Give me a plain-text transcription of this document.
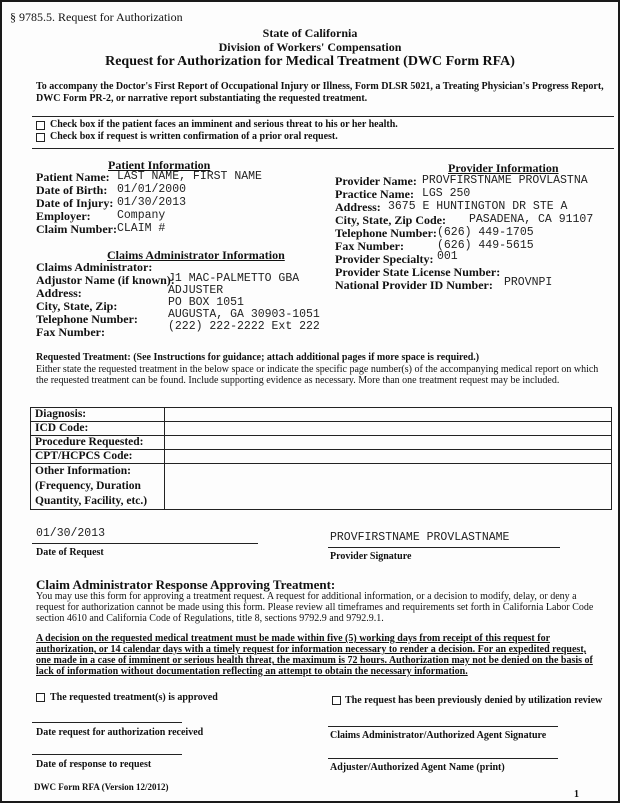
§ 9785.5. Request for Authorization
State of California
Division of Workers' Compensation
Request for Authorization for Medical Treatment (DWC Form RFA)
To accompany the Doctor's First Report of Occupational Injury or Illness, Form DLSR 5021, a Treating Physician's Progress Report, DWC Form PR-2, or narrative report substantiating the requested treatment.
Check box if the patient faces an imminent and serious threat to his or her health.
Check box if request is written confirmation of a prior oral request.
Patient Information
Patient Name: LAST NAME, FIRST NAME
Date of Birth: 01/01/2000
Date of Injury: 01/30/2013
Employer: Company
Claim Number: CLAIM #
Provider Information
Provider Name: PROVFIRSTNAME PROVLASTNA
Practice Name: LGS 250
Address: 3675 E HUNTINGTON DR STE A
City, State, Zip Code: PASADENA, CA 91107
Telephone Number: (626) 449-1705
Fax Number:	(626) 449-5615
Provider Specialty: 001
Provider State License Number:
National Provider ID Number: PROVNPI
Claims Administrator Information
Claims Administrator:
Adjustor Name (if known):
J1 MAC-PALMETTO GBA
ADJUSTER
Address:
PO BOX 1051
City, State, Zip:
AUGUSTA, GA 30903-1051
Telephone Number:
(222) 222-2222 Ext 222
Fax Number:
Requested Treatment: (See Instructions for guidance; attach additional pages if more space is required.)
Either state the requested treatment in the below space or indicate the specific page number(s) of the accompanying medical report on which the requested treatment can be found. Include supporting evidence as necessary. More than one treatment request may be included.
Diagnosis:	
ICD Code:	
Procedure Requested:	
CPT/HCPCS Code:	

Other Information:
(Frequency, Duration
Quantity, Facility, etc.)	

01/30/2013
Date of Request
PROVFIRSTNAME PROVLASTNAME
Provider Signature
Claim Administrator Response Approving Treatment:
You may use this form for approving a treatment request. A request for additional information, or a decision to modify, delay, or deny a request for authorization cannot be made using this form. Please review all timeframes and requirements set forth in California Labor Code section 4610 and California Code of Regulations, title 8, sections 9792.9 and 9792.9.1.
A decision on the requested medical treatment must be made within five (5) working days from receipt of this request for authorization, or 14 calendar days with a timely request for information necessary to render a decision. For an expedited request, one made in a case of imminent or serious health threat, the maximum is 72 hours. Authorization may not be denied on the basis of lack of information without documentation reflecting an attempt to obtain the necessary information.
The requested treatment(s) is approved	The request has been previously denied by utilization review
Date request for authorization received	Claims Administrator/Authorized Agent Signature
Date of response to request	Adjuster/Authorized Agent Name (print)
DWC Form RFA (Version 12/2012)
1
